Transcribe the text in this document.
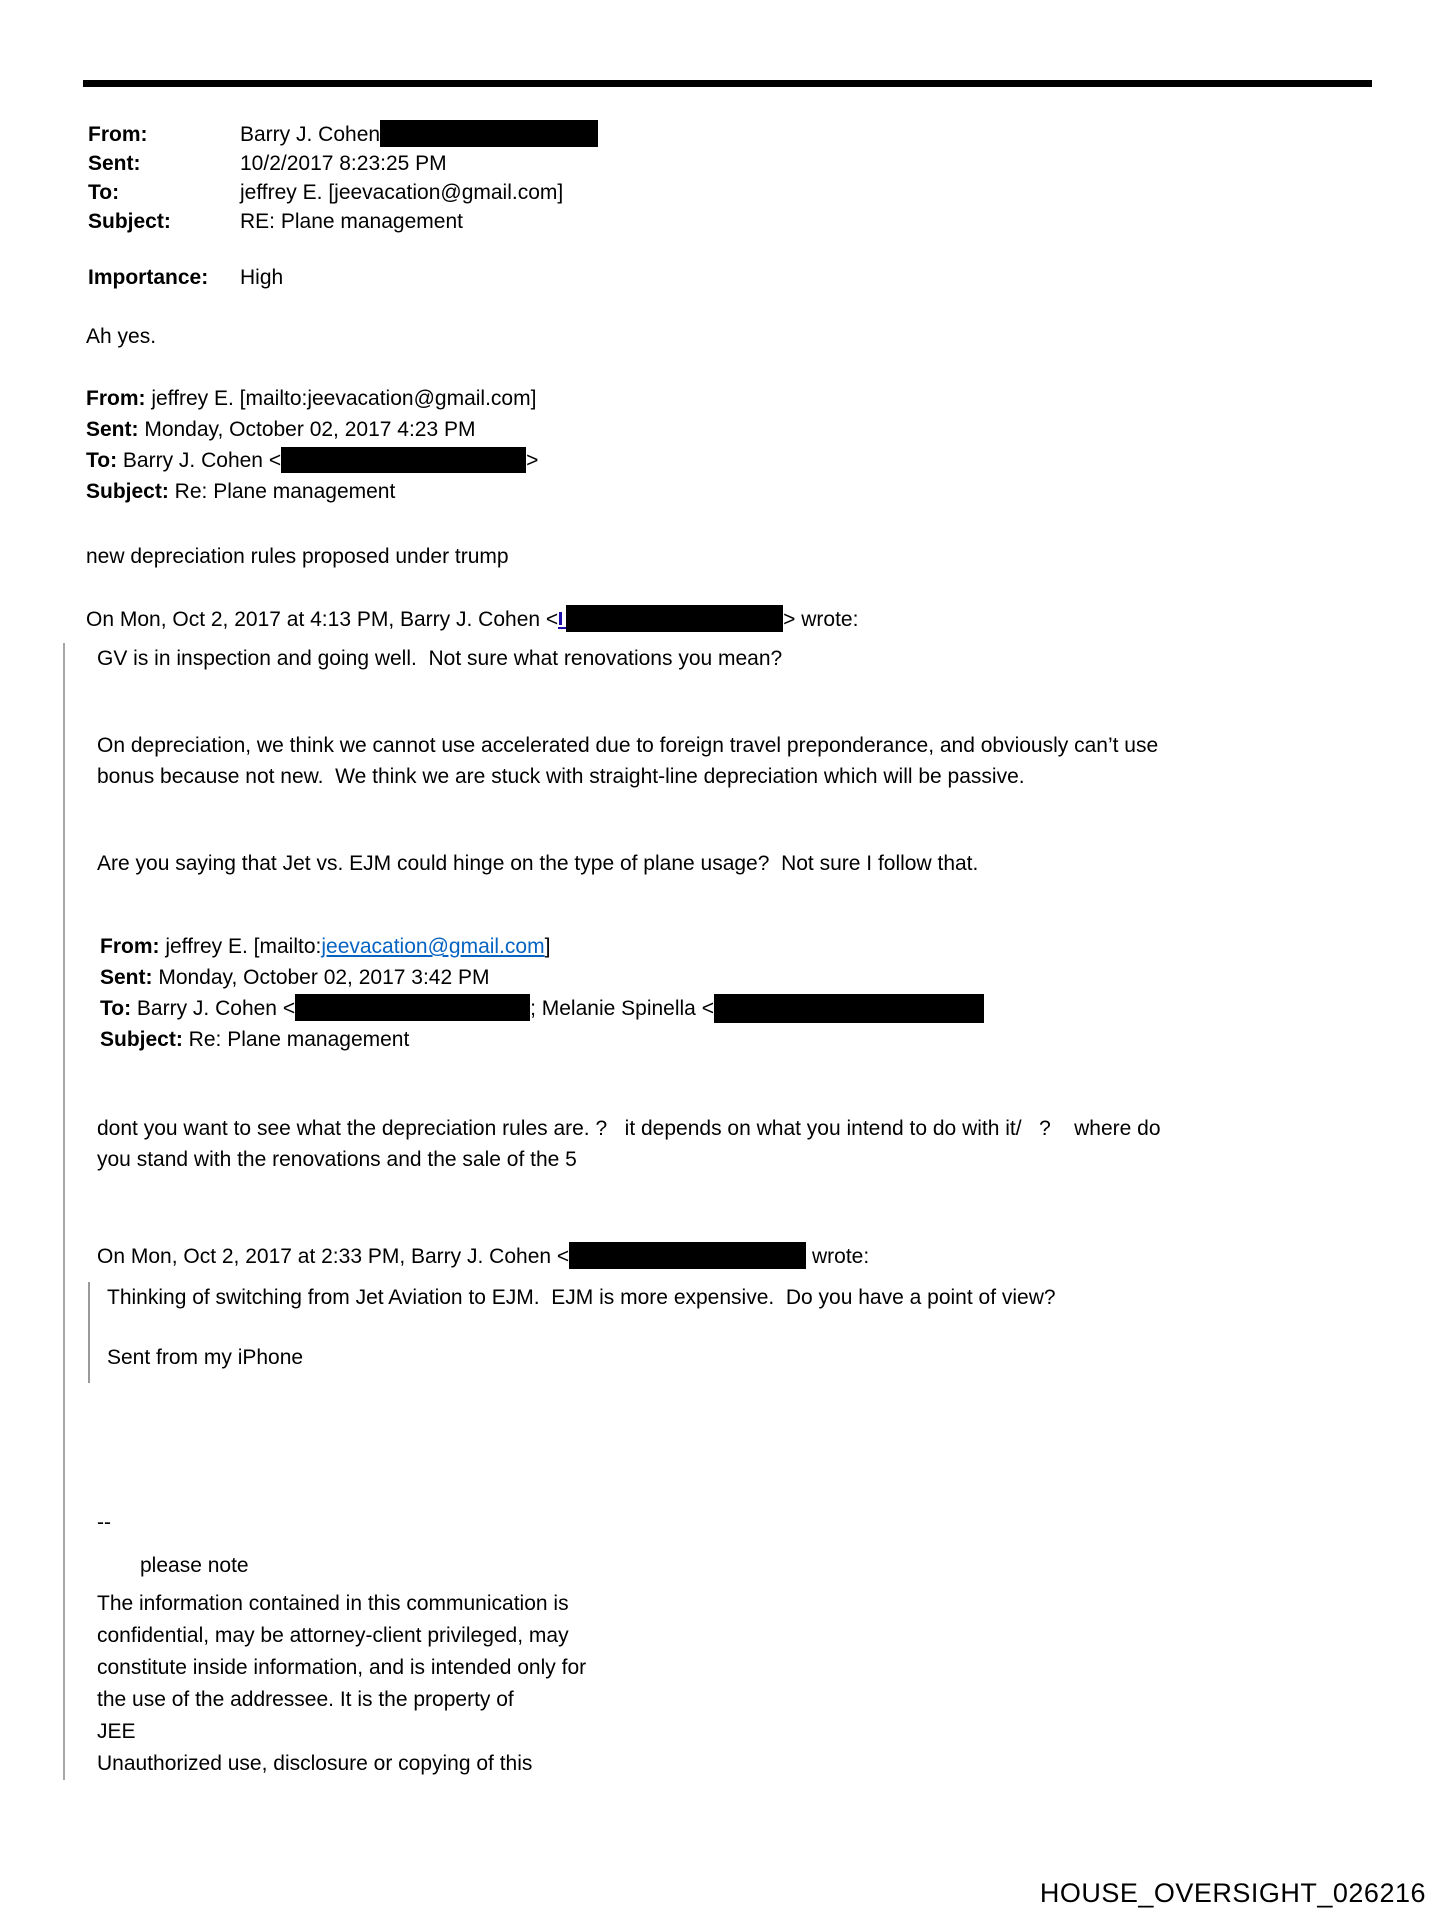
From:	Barry J. Cohen
Sent:	10/2/2017 8:23:25 PM
To:	jeffrey E. [jeevacation@gmail.com]
Subject:	RE: Plane management
Importance:	High

Ah yes.

From: jeffrey E. [mailto:jeevacation@gmail.com]
Sent: Monday, October 02, 2017 4:23 PM
To: Barry J. Cohen <	>
Subject: Re: Plane management

new depreciation rules proposed under trump

On Mon, Oct 2, 2017 at 4:13 PM, Barry J. Cohen <	> wrote:

GV is in inspection and going well.  Not sure what renovations you mean?

On depreciation, we think we cannot use accelerated due to foreign travel preponderance, and obviously can’t use
bonus because not new.  We think we are stuck with straight-line depreciation which will be passive.

Are you saying that Jet vs. EJM could hinge on the type of plane usage?  Not sure I follow that.

From: jeffrey E. [mailto:jeevacation@gmail.com]
Sent: Monday, October 02, 2017 3:42 PM
To: Barry J. Cohen <	; Melanie Spinella <
Subject: Re: Plane management

dont you want to see what the depreciation rules are. ?   it depends on what you intend to do with it/   ?    where do
you stand with the renovations and the sale of the 5

On Mon, Oct 2, 2017 at 2:33 PM, Barry J. Cohen <	wrote:

Thinking of switching from Jet Aviation to EJM.  EJM is more expensive.  Do you have a point of view?

Sent from my iPhone

--

please note

The information contained in this communication is
confidential, may be attorney-client privileged, may
constitute inside information, and is intended only for
the use of the addressee. It is the property of
JEE
Unauthorized use, disclosure or copying of this

HOUSE_OVERSIGHT_026216
